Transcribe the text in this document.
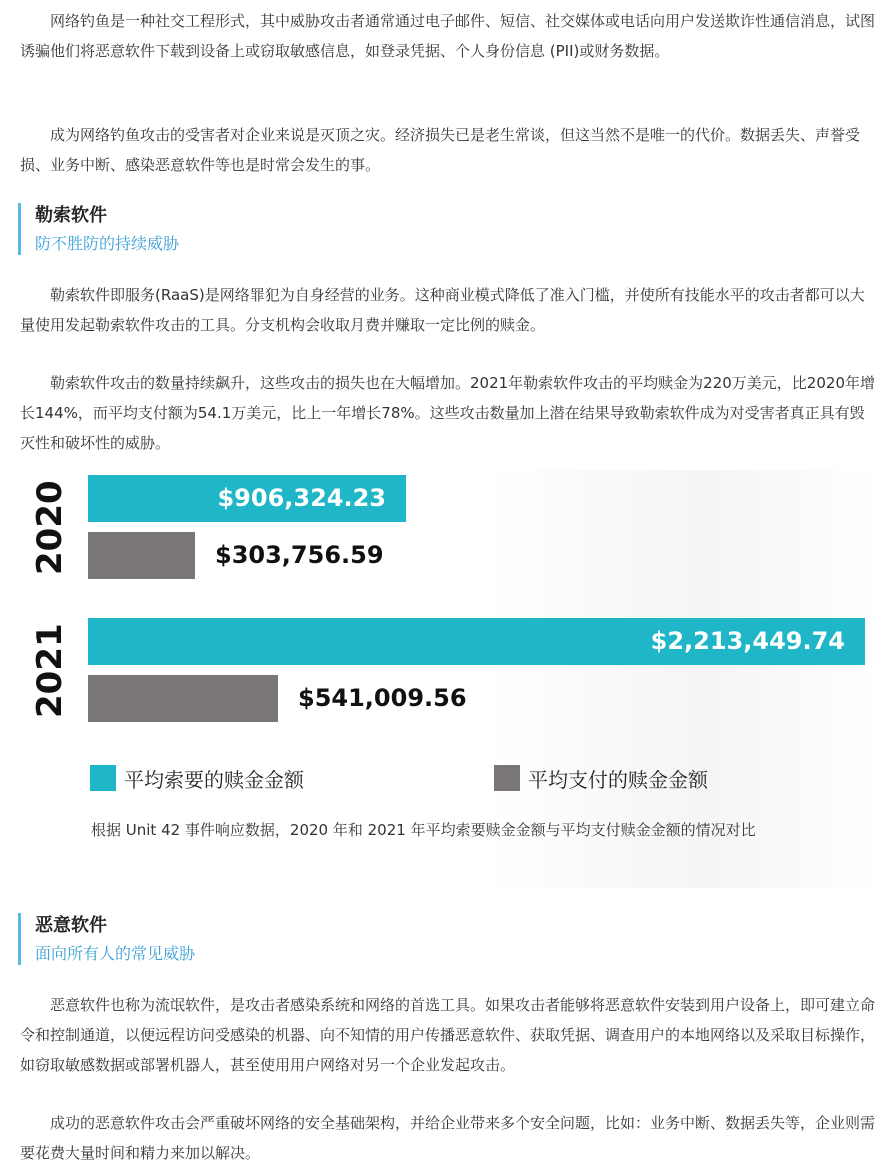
网络钓鱼是一种社交工程形式，其中威胁攻击者通常通过电子邮件、短信、社交媒体或电话向用户发送欺诈性通信消息，试图诱骗他们将恶意软件下载到设备上或窃取敏感信息，如登录凭据、个人身份信息 (PII)或财务数据。

成为网络钓鱼攻击的受害者对企业来说是灭顶之灾。经济损失已是老生常谈，但这当然不是唯一的代价。数据丢失、声誉受损、业务中断、感染恶意软件等也是时常会发生的事。

勒索软件
防不胜防的持续威胁

勒索软件即服务(RaaS)是网络罪犯为自身经营的业务。这种商业模式降低了准入门槛，并使所有技能水平的攻击者都可以大量使用发起勒索软件攻击的工具。分支机构会收取月费并赚取一定比例的赎金。

勒索软件攻击的数量持续飙升，这些攻击的损失也在大幅增加。2021年勒索软件攻击的平均赎金为220万美元，比2020年增长144%，而平均支付额为54.1万美元，比上一年增长78%。这些攻击数量加上潜在结果导致勒索软件成为对受害者真正具有毁灭性和破坏性的威胁。

2020	$906,324.23
$303,756.59
2021	$2,213,449.74
$541,009.56
平均索要的赎金金额	平均支付的赎金金额
根据 Unit 42 事件响应数据，2020 年和 2021 年平均索要赎金金额与平均支付赎金金额的情况对比
恶意软件
面向所有人的常见威胁

恶意软件也称为流氓软件，是攻击者感染系统和网络的首选工具。如果攻击者能够将恶意软件安装到用户设备上，即可建立命令和控制通道，以便远程访问受感染的机器、向不知情的用户传播恶意软件、获取凭据、调查用户的本地网络以及采取目标操作，如窃取敏感数据或部署机器人，甚至使用用户网络对另一个企业发起攻击。

成功的恶意软件攻击会严重破坏网络的安全基础架构，并给企业带来多个安全问题，比如：业务中断、数据丢失等，企业则需要花费大量时间和精力来加以解决。
